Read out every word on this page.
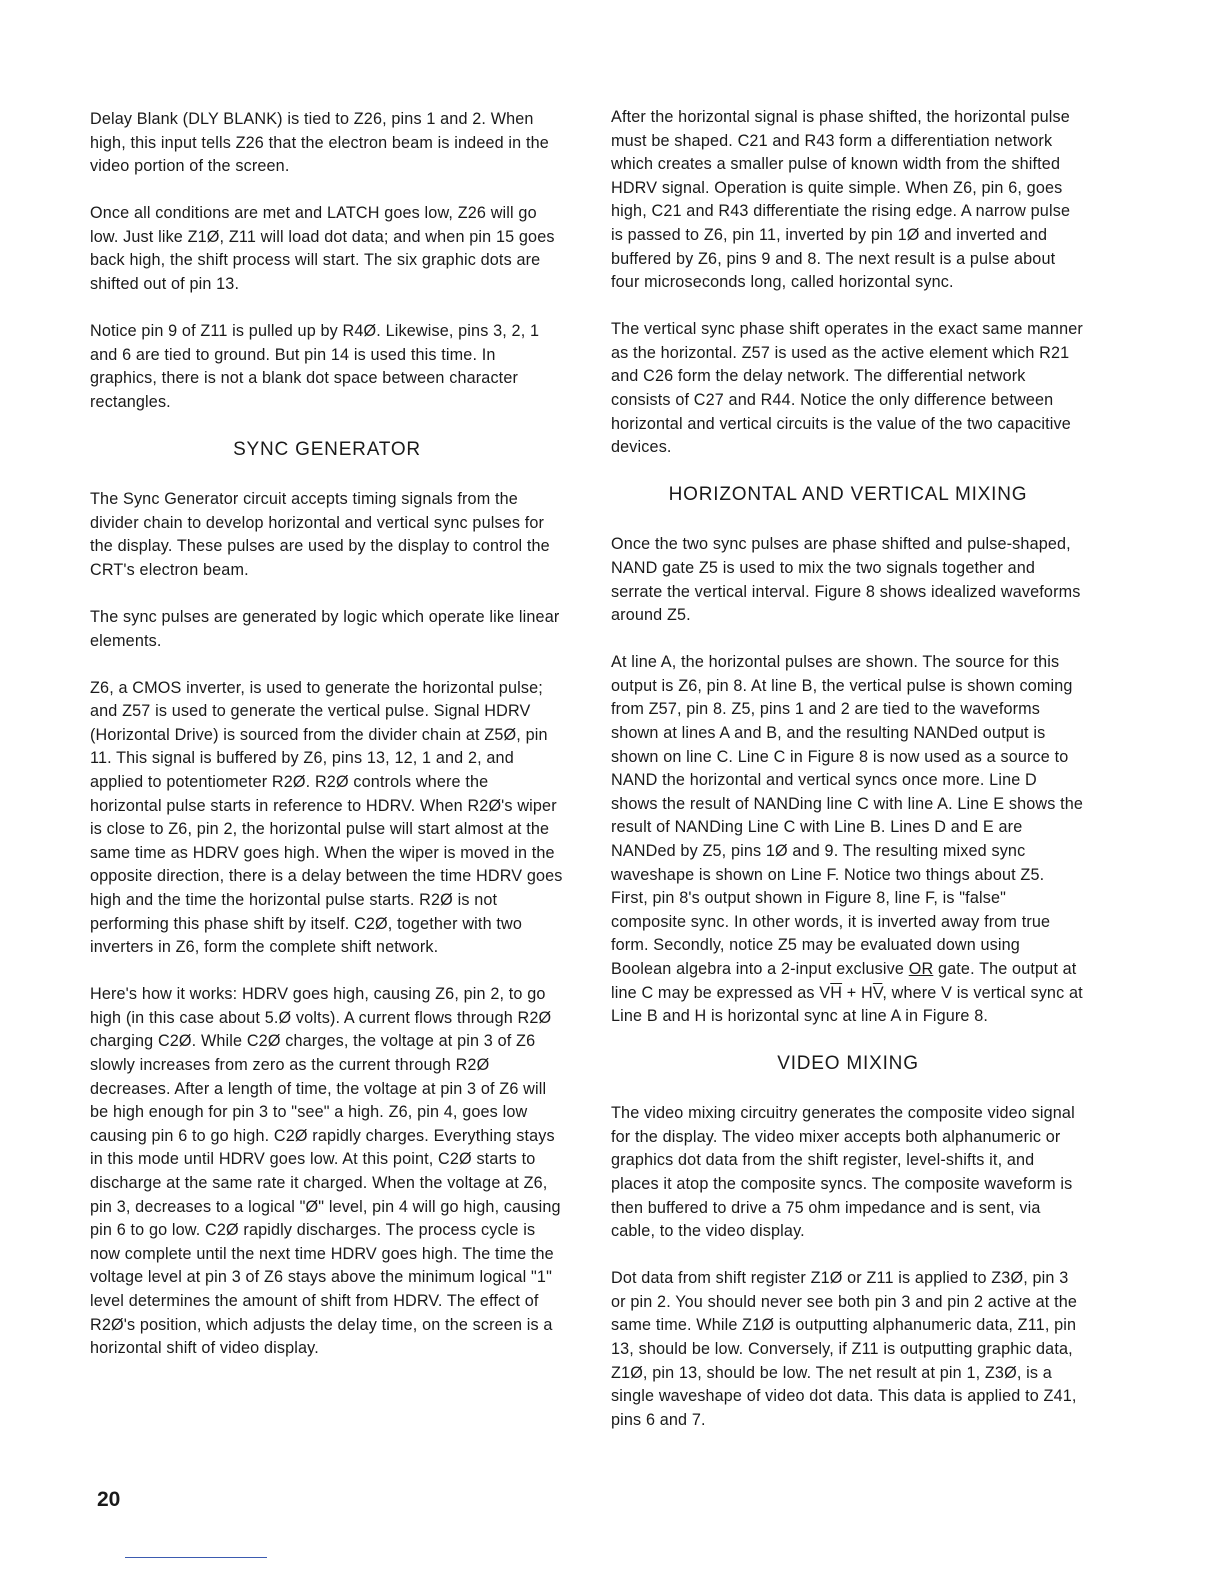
Delay Blank (DLY BLANK) is tied to Z26, pins 1 and 2. When high, this input tells Z26 that the electron beam is indeed in the video portion of the screen.

Once all conditions are met and LATCH goes low, Z26 will go low. Just like Z1Ø, Z11 will load dot data; and when pin 15 goes back high, the shift process will start. The six graphic dots are shifted out of pin 13.

Notice pin 9 of Z11 is pulled up by R4Ø. Likewise, pins 3, 2, 1 and 6 are tied to ground. But pin 14 is used this time. In graphics, there is not a blank dot space between character rectangles.

SYNC GENERATOR

The Sync Generator circuit accepts timing signals from the divider chain to develop horizontal and vertical sync pulses for the display. These pulses are used by the display to control the CRT's electron beam.

The sync pulses are generated by logic which operate like linear elements.

Z6, a CMOS inverter, is used to generate the horizontal pulse; and Z57 is used to generate the vertical pulse. Signal HDRV (Horizontal Drive) is sourced from the divider chain at Z5Ø, pin 11. This signal is buffered by Z6, pins 13, 12, 1 and 2, and applied to potentiometer R2Ø. R2Ø controls where the horizontal pulse starts in reference to HDRV. When R2Ø's wiper is close to Z6, pin 2, the horizontal pulse will start almost at the same time as HDRV goes high. When the wiper is moved in the opposite direction, there is a delay between the time HDRV goes high and the time the horizontal pulse starts. R2Ø is not performing this phase shift by itself. C2Ø, together with two inverters in Z6, form the complete shift network.

Here's how it works: HDRV goes high, causing Z6, pin 2, to go high (in this case about 5.Ø volts). A current flows through R2Ø charging C2Ø. While C2Ø charges, the voltage at pin 3 of Z6 slowly increases from zero as the current through R2Ø decreases. After a length of time, the voltage at pin 3 of Z6 will be high enough for pin 3 to "see" a high. Z6, pin 4, goes low causing pin 6 to go high. C2Ø rapidly charges. Everything stays in this mode until HDRV goes low. At this point, C2Ø starts to discharge at the same rate it charged. When the voltage at Z6, pin 3, decreases to a logical "Ø" level, pin 4 will go high, causing pin 6 to go low. C2Ø rapidly discharges. The process cycle is now complete until the next time HDRV goes high. The time the voltage level at pin 3 of Z6 stays above the minimum logical "1" level determines the amount of shift from HDRV. The effect of R2Ø's position, which adjusts the delay time, on the screen is a horizontal shift of video display.

After the horizontal signal is phase shifted, the horizontal pulse must be shaped. C21 and R43 form a differentiation network which creates a smaller pulse of known width from the shifted HDRV signal. Operation is quite simple. When Z6, pin 6, goes high, C21 and R43 differentiate the rising edge. A narrow pulse is passed to Z6, pin 11, inverted by pin 1Ø and inverted and buffered by Z6, pins 9 and 8. The next result is a pulse about four microseconds long, called horizontal sync.

The vertical sync phase shift operates in the exact same manner as the horizontal. Z57 is used as the active element which R21 and C26 form the delay network. The differential network consists of C27 and R44. Notice the only difference between horizontal and vertical circuits is the value of the two capacitive devices.

HORIZONTAL AND VERTICAL MIXING

Once the two sync pulses are phase shifted and pulse-shaped, NAND gate Z5 is used to mix the two signals together and serrate the vertical interval. Figure 8 shows idealized waveforms around Z5.

At line A, the horizontal pulses are shown. The source for this output is Z6, pin 8. At line B, the vertical pulse is shown coming from Z57, pin 8. Z5, pins 1 and 2 are tied to the waveforms shown at lines A and B, and the resulting NANDed output is shown on line C. Line C in Figure 8 is now used as a source to NAND the horizontal and vertical syncs once more. Line D shows the result of NANDing line C with line A. Line E shows the result of NANDing Line C with Line B. Lines D and E are NANDed by Z5, pins 1Ø and 9. The resulting mixed sync waveshape is shown on Line F. Notice two things about Z5. First, pin 8's output shown in Figure 8, line F, is "false" composite sync. In other words, it is inverted away from true form. Secondly, notice Z5 may be evaluated down using Boolean algebra into a 2-input exclusive OR gate. The output at line C may be expressed as $V\overline{H} + H\overline{V}$, where V is vertical sync at Line B and H is horizontal sync at line A in Figure 8.

VIDEO MIXING

The video mixing circuitry generates the composite video signal for the display. The video mixer accepts both alphanumeric or graphics dot data from the shift register, level-shifts it, and places it atop the composite syncs. The composite waveform is then buffered to drive a 75 ohm impedance and is sent, via cable, to the video display.

Dot data from shift register Z1Ø or Z11 is applied to Z3Ø, pin 3 or pin 2. You should never see both pin 3 and pin 2 active at the same time. While Z1Ø is outputting alphanumeric data, Z11, pin 13, should be low. Conversely, if Z11 is outputting graphic data, Z1Ø, pin 13, should be low. The net result at pin 1, Z3Ø, is a single waveshape of video dot data. This data is applied to Z41, pins 6 and 7.

20
